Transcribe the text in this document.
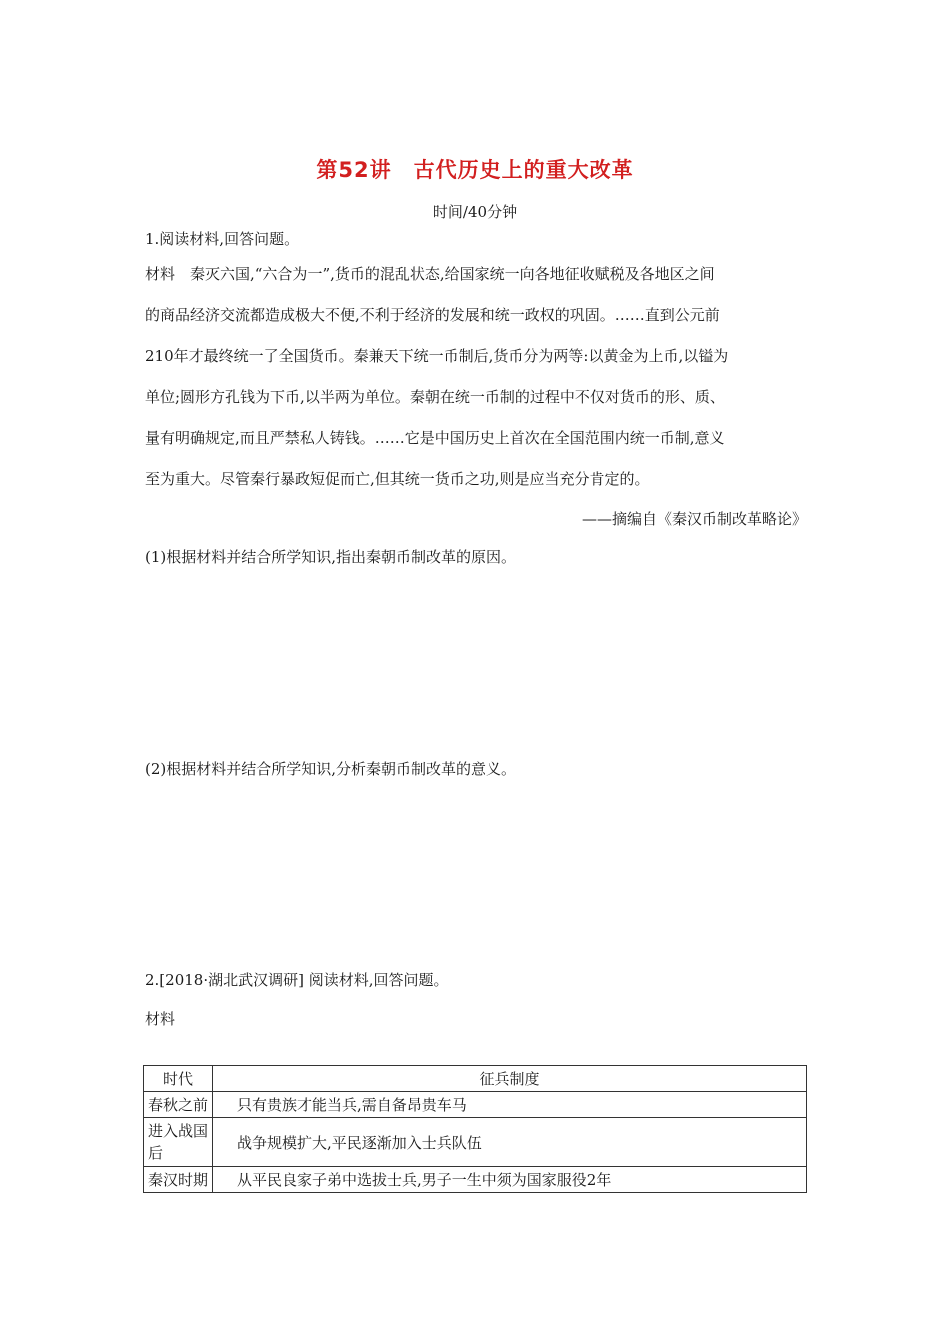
第52讲 古代历史上的重大改革
时间/40分钟
1.阅读材料,回答问题。
材料　秦灭六国,“六合为一”,货币的混乱状态,给国家统一向各地征收赋税及各地区之间
的商品经济交流都造成极大不便,不利于经济的发展和统一政权的巩固。……直到公元前
210年才最终统一了全国货币。秦兼天下统一币制后,货币分为两等:以黄金为上币,以镒为
单位;圆形方孔钱为下币,以半两为单位。秦朝在统一币制的过程中不仅对货币的形、质、
量有明确规定,而且严禁私人铸钱。……它是中国历史上首次在全国范围内统一币制,意义
至为重大。尽管秦行暴政短促而亡,但其统一货币之功,则是应当充分肯定的。
——摘编自《秦汉币制改革略论》
(1)根据材料并结合所学知识,指出秦朝币制改革的原因。
(2)根据材料并结合所学知识,分析秦朝币制改革的意义。
2.[2018·湖北武汉调研] 阅读材料,回答问题。
材料
时代	征兵制度
春秋之前	只有贵族才能当兵,需自备昂贵车马
进入战国后	战争规模扩大,平民逐渐加入士兵队伍
秦汉时期	从平民良家子弟中选拔士兵,男子一生中须为国家服役2年
